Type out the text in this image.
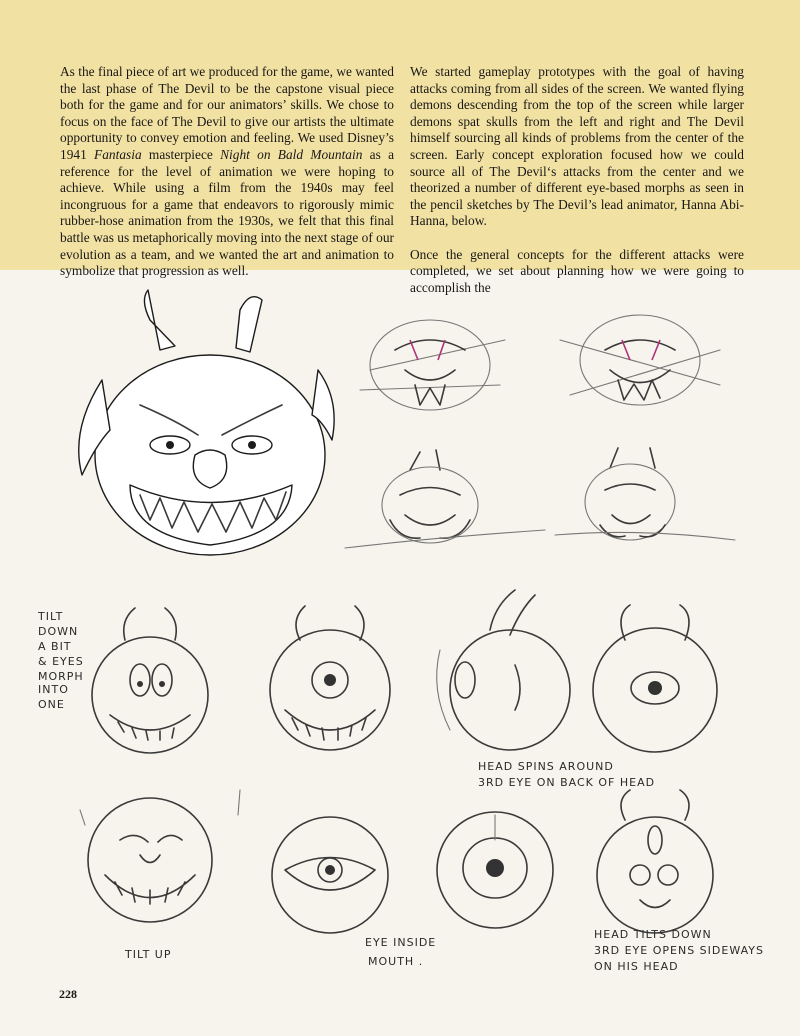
As the final piece of art we produced for the game, we wanted the last phase of The Devil to be the capstone visual piece both for the game and for our animators’ skills. We chose to focus on the face of The Devil to give our artists the ultimate opportunity to convey emotion and feeling. We used Disney’s 1941 Fantasia masterpiece Night on Bald Mountain as a reference for the level of animation we were hoping to achieve. While using a film from the 1940s may feel incongruous for a game that endeavors to rigorously mimic rubber-hose animation from the 1930s, we felt that this final battle was us metaphorically moving into the next stage of our evolution as a team, and we wanted the art and animation to symbolize that progression as well.

We started gameplay prototypes with the goal of having attacks coming from all sides of the screen. We wanted flying demons descending from the top of the screen while larger demons spat skulls from the left and right and The Devil himself sourcing all kinds of problems from the center of the screen. Early concept exploration focused how we could source all of The Devil‘s attacks from the center and we theorized a number of different eye-based morphs as seen in the pencil sketches by The Devil’s lead animator, Hanna Abi-Hanna, below.

Once the general concepts for the different attacks were completed, we set about planning how we were going to accomplish the

TILT
DOWN
A BIT
& EYES
MORPH
INTO
ONE
HEAD SPINS AROUND
3RD EYE ON BACK OF HEAD
TILT UP
EYE INSIDE
MOUTH .
HEAD TILTS DOWN
3RD EYE OPENS SIDEWAYS
ON HIS HEAD
228
